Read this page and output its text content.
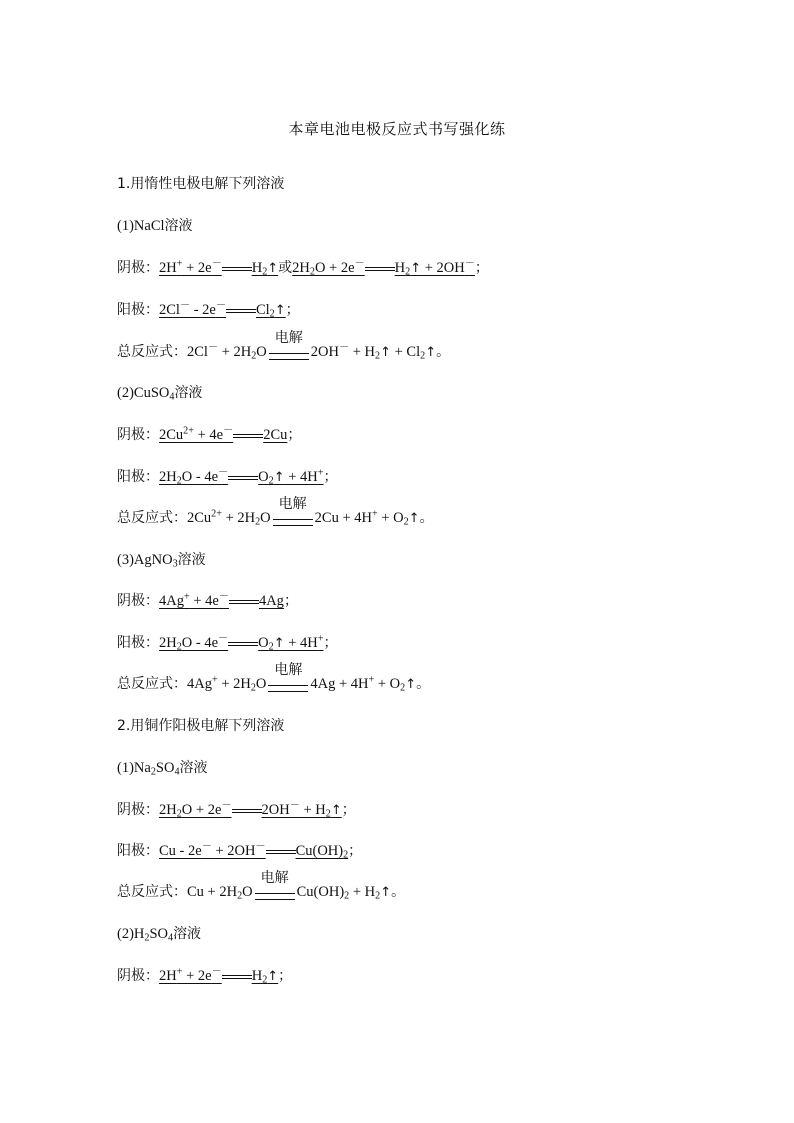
本章电池电极反应式书写强化练
1.用惰性电极电解下列溶液
(1)NaCl溶液
阴极：2H+ + 2e－ $H_2↑$或$2H_2O + 2e^-$ $H_2↑ + 2OH^-$；
阳极：2Cl－ - 2e－ $Cl_2↑$；
总反应式：$2Cl^- + 2H_2O$
电解
$2OH^- + H_2↑$ + $Cl_2↑$。
(2)CuSO$_4$溶液
阴极：$2Cu^{2+} + 4e^-$ 2Cu；
阳极：$2H_2O - 4e^-$ $O_2↑ + 4H^+$；
总反应式：$2Cu^{2+} + 2H_2O$
电解
$2Cu + 4H^+ + O_2↑$。
(3)AgNO$_3$溶液
阴极：4Ag+ + 4e－ 4Ag；
阳极：$2H_2O - 4e^-$ $O_2↑ + 4H^+$；
总反应式：$4Ag^+ + 2H_2O$
电解
$4Ag + 4H^+ + O_2↑$。
2.用铜作阳极电解下列溶液
$(1)Na_2SO_4$溶液
阴极：$2H_2O + 2e^-$ $2OH^- + H_2↑$；
阳极：Cu - 2e－ + 2OH－ $Cu(OH)_2$；
总反应式：$Cu + 2H_2O$
电解
$Cu(OH)_2$ + $H_2↑$。
$(2)H_2SO_4$溶液
阴极：2H+ + 2e－ $H_2↑$；
